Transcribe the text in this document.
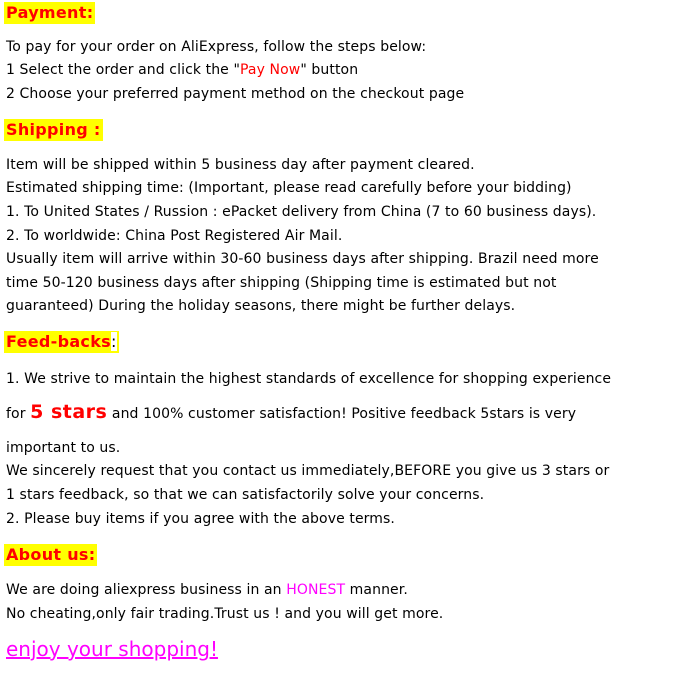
Payment:
To pay for your order on AliExpress, follow the steps below:
1 Select the order and click the "Pay Now" button
2 Choose your preferred payment method on the checkout page
Shipping :
Item will be shipped within 5 business day after payment cleared.
Estimated shipping time: (Important, please read carefully before your bidding)
1. To United States / Russion : ePacket delivery from China (7 to 60 business days).
2. To worldwide: China Post Registered Air Mail.
Usually item will arrive within 30-60 business days after shipping. Brazil need more
time 50-120 business days after shipping (Shipping time is estimated but not
guaranteed) During the holiday seasons, there might be further delays.
Feed-backs:
1. We strive to maintain the highest standards of excellence for shopping experience
for 5 stars and 100% customer satisfaction! Positive feedback 5stars is very
important to us.
We sincerely request that you contact us immediately,BEFORE you give us 3 stars or
1 stars feedback, so that we can satisfactorily solve your concerns.
2. Please buy items if you agree with the above terms.
About us:
We are doing aliexpress business in an HONEST manner.
No cheating,only fair trading.Trust us ! and you will get more.
enjoy your shopping!
